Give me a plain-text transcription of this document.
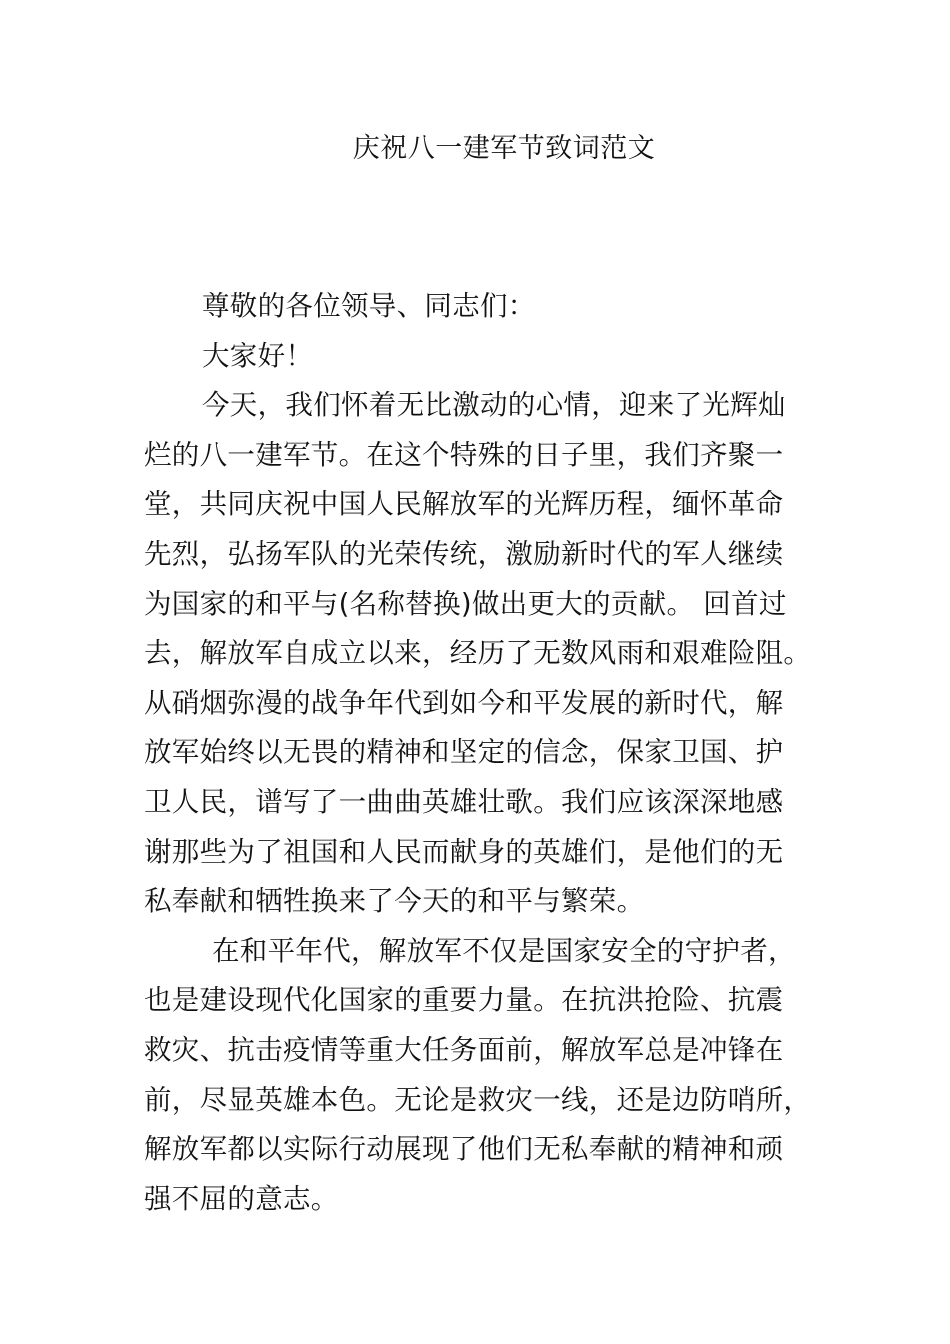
庆祝八一建军节致词范文
尊敬的各位领导、同志们：
大家好！
今天，我们怀着无比激动的心情，迎来了光辉灿
烂的八一建军节。在这个特殊的日子里，我们齐聚一
堂，共同庆祝中国人民解放军的光辉历程，缅怀革命
先烈，弘扬军队的光荣传统，激励新时代的军人继续
为国家的和平与(名称替换)做出更大的贡献。 回首过
去，解放军自成立以来，经历了无数风雨和艰难险阻。
从硝烟弥漫的战争年代到如今和平发展的新时代，解
放军始终以无畏的精神和坚定的信念，保家卫国、护
卫人民，谱写了一曲曲英雄壮歌。我们应该深深地感
谢那些为了祖国和人民而献身的英雄们，是他们的无
私奉献和牺牲换来了今天的和平与繁荣。
在和平年代，解放军不仅是国家安全的守护者，
也是建设现代化国家的重要力量。在抗洪抢险、抗震
救灾、抗击疫情等重大任务面前，解放军总是冲锋在
前，尽显英雄本色。无论是救灾一线，还是边防哨所，
解放军都以实际行动展现了他们无私奉献的精神和顽
强不屈的意志。
